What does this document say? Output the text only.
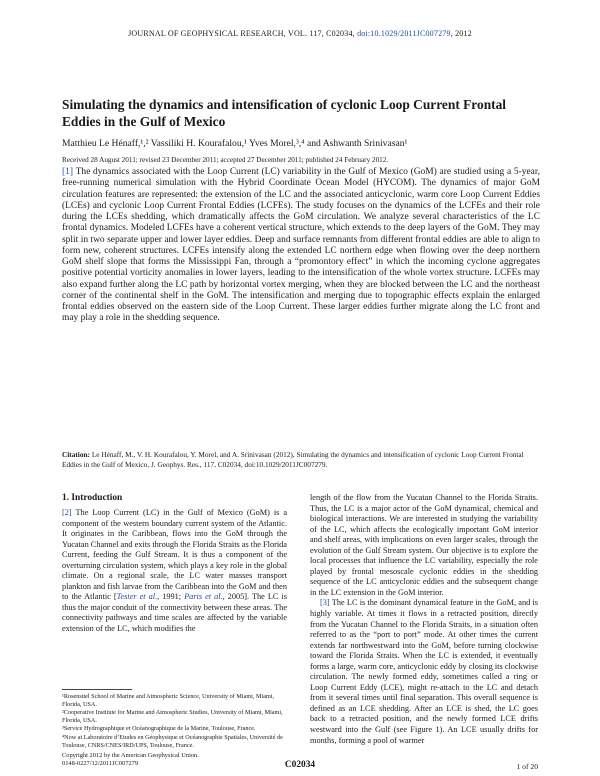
JOURNAL OF GEOPHYSICAL RESEARCH, VOL. 117, C02034, doi:10.1029/2011JC007279, 2012
Simulating the dynamics and intensification of cyclonic Loop Current Frontal Eddies in the Gulf of Mexico
Matthieu Le Hénaff,¹,² Vassiliki H. Kourafalou,¹ Yves Morel,³,⁴ and Ashwanth Srinivasan¹
Received 28 August 2011; revised 23 December 2011; accepted 27 December 2011; published 24 February 2012.

[1] The dynamics associated with the Loop Current (LC) variability in the Gulf of Mexico (GoM) are studied using a 5-year, free-running numerical simulation with the Hybrid Coordinate Ocean Model (HYCOM). The dynamics of major GoM circulation features are represented: the extension of the LC and the associated anticyclonic, warm core Loop Current Eddies (LCEs) and cyclonic Loop Current Frontal Eddies (LCFEs). The study focuses on the dynamics of the LCFEs and their role during the LCEs shedding, which dramatically affects the GoM circulation. We analyze several characteristics of the LC frontal dynamics. Modeled LCFEs have a coherent vertical structure, which extends to the deep layers of the GoM. They may split in two separate upper and lower layer eddies. Deep and surface remnants from different frontal eddies are able to align to form new, coherent structures. LCFEs intensify along the extended LC northern edge when flowing over the deep northern GoM shelf slope that forms the Mississippi Fan, through a “promontory effect” in which the incoming cyclone aggregates positive potential vorticity anomalies in lower layers, leading to the intensification of the whole vortex structure. LCFEs may also expand further along the LC path by horizontal vortex merging, when they are blocked between the LC and the northeast corner of the continental shelf in the GoM. The intensification and merging due to topographic effects explain the enlarged frontal eddies observed on the eastern side of the Loop Current. These larger eddies further migrate along the LC front and may play a role in the shedding sequence.

Citation: Le Hénaff, M., V. H. Kourafalou, Y. Morel, and A. Srinivasan (2012), Simulating the dynamics and intensification of cyclonic Loop Current Frontal Eddies in the Gulf of Mexico, J. Geophys. Res., 117, C02034, doi:10.1029/2011JC007279.

1. Introduction

[2] The Loop Current (LC) in the Gulf of Mexico (GoM) is a component of the western boundary current system of the Atlantic. It originates in the Caribbean, flows into the GoM through the Yucatan Channel and exits through the Florida Straits as the Florida Current, feeding the Gulf Stream. It is thus a component of the overturning circulation system, which plays a key role in the global climate. On a regional scale, the LC water masses transport plankton and fish larvae from the Caribbean into the GoM and then to the Atlantic [Tester et al., 1991; Paris et al., 2005]. The LC is thus the major conduit of the connectivity between these areas. The connectivity pathways and time scales are affected by the variable extension of the LC, which modifies the

length of the flow from the Yucatan Channel to the Florida Straits. Thus, the LC is a major actor of the GoM dynamical, chemical and biological interactions. We are interested in studying the variability of the LC, which affects the ecologically important GoM interior and shelf areas, with implications on even larger scales, through the evolution of the Gulf Stream system. Our objective is to explore the local processes that influence the LC variability, especially the role played by frontal mesoscale cyclonic eddies in the shedding sequence of the LC anticyclonic eddies and the subsequent change in the LC extension in the GoM interior.

[3] The LC is the dominant dynamical feature in the GoM, and is highly variable. At times it flows in a retracted position, directly from the Yucatan Channel to the Florida Straits, in a situation often referred to as the “port to port” mode. At other times the current extends far northwestward into the GoM, before turning clockwise toward the Florida Straits. When the LC is extended, it eventually forms a large, warm core, anticyclonic eddy by closing its clockwise circulation. The newly formed eddy, sometimes called a ring or Loop Current Eddy (LCE), might re-attach to the LC and detach from it several times until final separation. This overall sequence is defined as an LCE shedding. After an LCE is shed, the LC goes back to a retracted position, and the newly formed LCE drifts westward into the Gulf (see Figure 1). An LCE usually drifts for months, forming a pool of warmer

¹Rosenstiel School of Marine and Atmospheric Science, University of Miami, Miami, Florida, USA.

²Cooperative Institute for Marine and Atmospheric Studies, University of Miami, Miami, Florida, USA.

³Service Hydrographique et Océanographique de la Marine, Toulouse, France.

⁴Now at Laboratoire d’Etudes en Géophysique et Océanographie Spatiales, Université de Toulouse, CNRS/CNES/IRD/UPS, Toulouse, France.

Copyright 2012 by the American Geophysical Union.
0148-0227/12/2011JC007279	C02034	1 of 20
